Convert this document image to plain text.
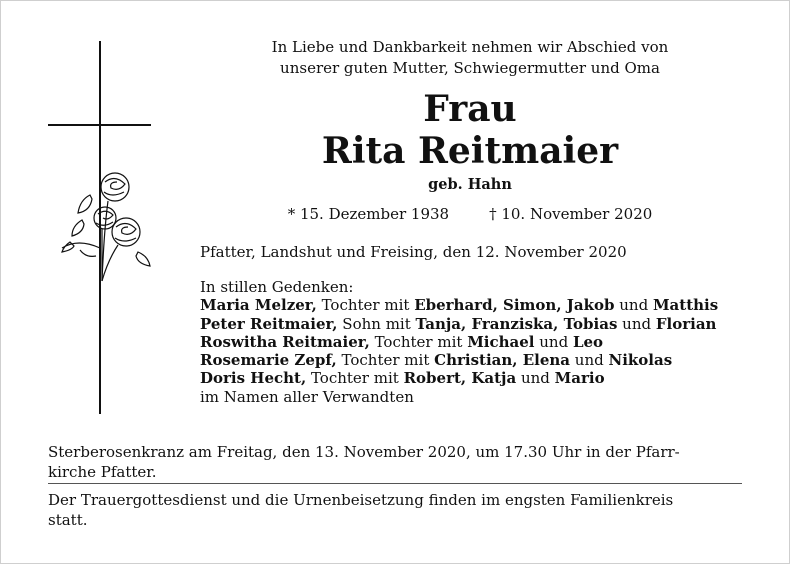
In Liebe und Dankbarkeit nehmen wir Abschied von
unserer guten Mutter, Schwiegermutter und Oma
Frau
Rita Reitmaier
geb. Hahn
* 15. Dezember 1938	† 10. November 2020
Pfatter, Landshut und Freising, den 12. November 2020

In stillen Gedenken:

Maria Melzer, Tochter mit Eberhard, Simon, Jakob und Matthis

Peter Reitmaier, Sohn mit Tanja, Franziska, Tobias und Florian

Roswitha Reitmaier, Tochter mit Michael und Leo

Rosemarie Zepf, Tochter mit Christian, Elena und Nikolas

Doris Hecht, Tochter mit Robert, Katja und Mario

im Namen aller Verwandten

Sterberosenkranz am Freitag, den 13. November 2020, um 17.30 Uhr in der Pfarr-
kirche Pfatter.
Der Trauergottesdienst und die Urnenbeisetzung finden im engsten Familienkreis
statt.
